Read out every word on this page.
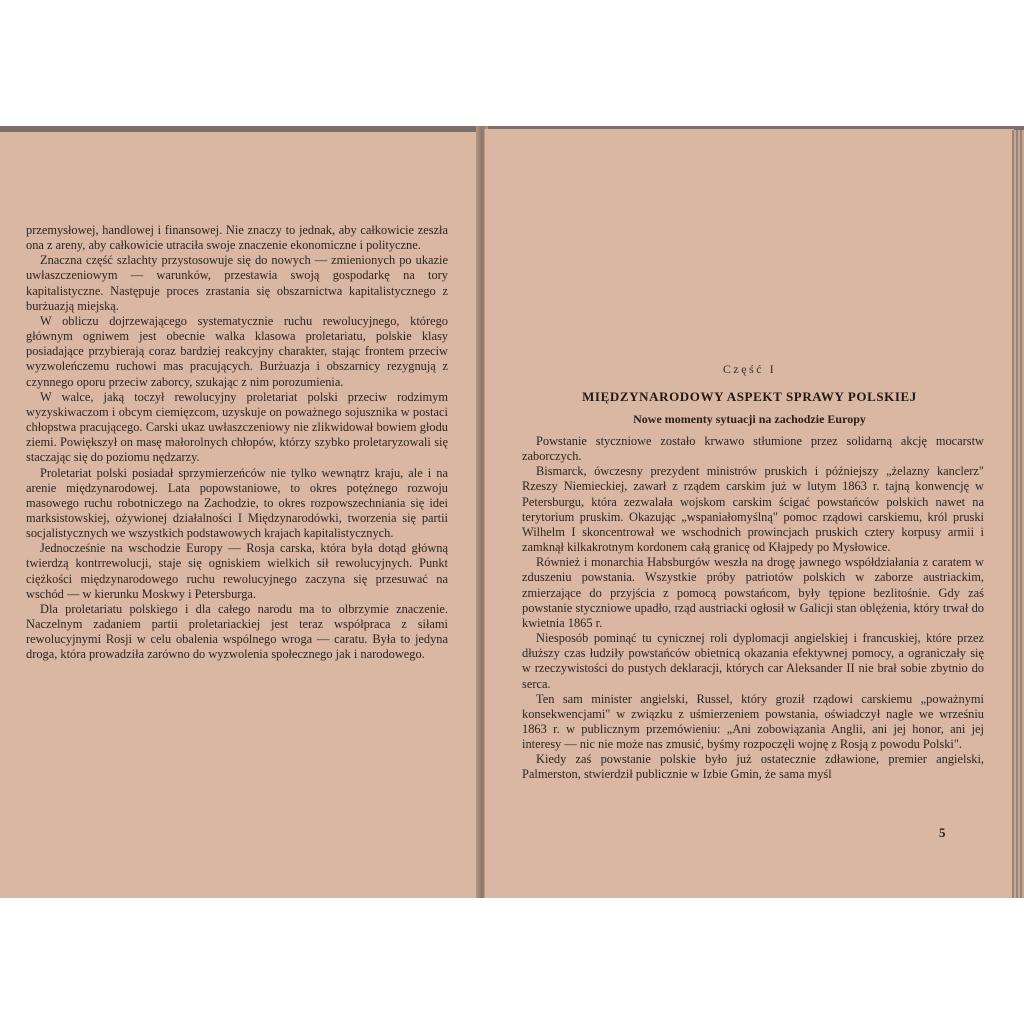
przemysłowej, handlowej i finansowej. Nie znaczy to jednak, aby całkowicie zeszła ona z areny, aby całkowicie utraciła swoje znaczenie ekonomiczne i polityczne.

Znaczna część szlachty przystosowuje się do nowych — zmienionych po ukazie uwłaszczeniowym — warunków, przestawia swoją gospodarkę na tory kapitalistyczne. Następuje proces zrastania się obszarnictwa kapitalistycznego z burżuazją miejską.

W obliczu dojrzewającego systematycznie ruchu rewolucyjnego, którego głównym ogniwem jest obecnie walka klasowa proletariatu, polskie klasy posiadające przybierają coraz bardziej reakcyjny charakter, stając frontem przeciw wyzwoleńczemu ruchowi mas pracujących. Burżuazja i obszarnicy rezygnują z czynnego oporu przeciw zaborcy, szukając z nim porozumienia.

W walce, jaką toczył rewolucyjny proletariat polski przeciw rodzimym wyzyskiwaczom i obcym ciemięzcom, uzyskuje on poważnego sojusznika w postaci chłopstwa pracującego. Carski ukaz uwłaszczeniowy nie zlikwidował bowiem głodu ziemi. Powiększył on masę małorolnych chłopów, którzy szybko proletaryzowali się staczając się do poziomu nędzarzy.

Proletariat polski posiadał sprzymierzeńców nie tylko wewnątrz kraju, ale i na arenie międzynarodowej. Lata popowstaniowe, to okres potężnego rozwoju masowego ruchu robotniczego na Zachodzie, to okres rozpowszechniania się idei marksistowskiej, ożywionej działalności I Międzynarodówki, tworzenia się partii socjalistycznych we wszystkich podstawowych krajach kapitalistycznych.

Jednocześnie na wschodzie Europy — Rosja carska, która była dotąd główną twierdzą kontrrewolucji, staje się ogniskiem wielkich sił rewolucyjnych. Punkt ciężkości międzynarodowego ruchu rewolucyjnego zaczyna się przesuwać na wschód — w kierunku Moskwy i Petersburga.

Dla proletariatu polskiego i dla całego narodu ma to olbrzymie znaczenie. Naczelnym zadaniem partii proletariackiej jest teraz współpraca z siłami rewolucyjnymi Rosji w celu obalenia wspólnego wroga — caratu. Była to jedyna droga, która prowadziła zarówno do wyzwolenia społecznego jak i narodowego.

Część I
MIĘDZYNARODOWY ASPEKT SPRAWY POLSKIEJ
Nowe momenty sytuacji na zachodzie Europy

Powstanie styczniowe zostało krwawo stłumione przez solidarną akcję mocarstw zaborczych.

Bismarck, ówczesny prezydent ministrów pruskich i późniejszy „żelazny kanclerz" Rzeszy Niemieckiej, zawarł z rządem carskim już w lutym 1863 r. tajną konwencję w Petersburgu, która zezwalała wojskom carskim ścigać powstańców polskich nawet na terytorium pruskim. Okazując „wspaniałomyślną" pomoc rządowi carskiemu, król pruski Wilhelm I skoncentrował we wschodnich prowincjach pruskich cztery korpusy armii i zamknął kilkakrotnym kordonem całą granicę od Kłajpedy po Mysłowice.

Również i monarchia Habsburgów weszła na drogę jawnego współdziałania z caratem w zduszeniu powstania. Wszystkie próby patriotów polskich w zaborze austriackim, zmierzające do przyjścia z pomocą powstańcom, były tępione bezlitośnie. Gdy zaś powstanie styczniowe upadło, rząd austriacki ogłosił w Galicji stan oblężenia, który trwał do kwietnia 1865 r.

Niesposób pominąć tu cynicznej roli dyplomacji angielskiej i francuskiej, które przez dłuższy czas łudziły powstańców obietnicą okazania efektywnej pomocy, a ograniczały się w rzeczywistości do pustych deklaracji, których car Aleksander II nie brał sobie zbytnio do serca.

Ten sam minister angielski, Russel, który groził rządowi carskiemu „poważnymi konsekwencjami" w związku z uśmierzeniem powstania, oświadczył nagle we wrześniu 1863 r. w publicznym przemówieniu: „Ani zobowiązania Anglii, ani jej honor, ani jej interesy — nic nie może nas zmusić, byśmy rozpoczęli wojnę z Rosją z powodu Polski".

Kiedy zaś powstanie polskie było już ostatecznie zdławione, premier angielski, Palmerston, stwierdził publicznie w Izbie Gmin, że sama myśl

5
